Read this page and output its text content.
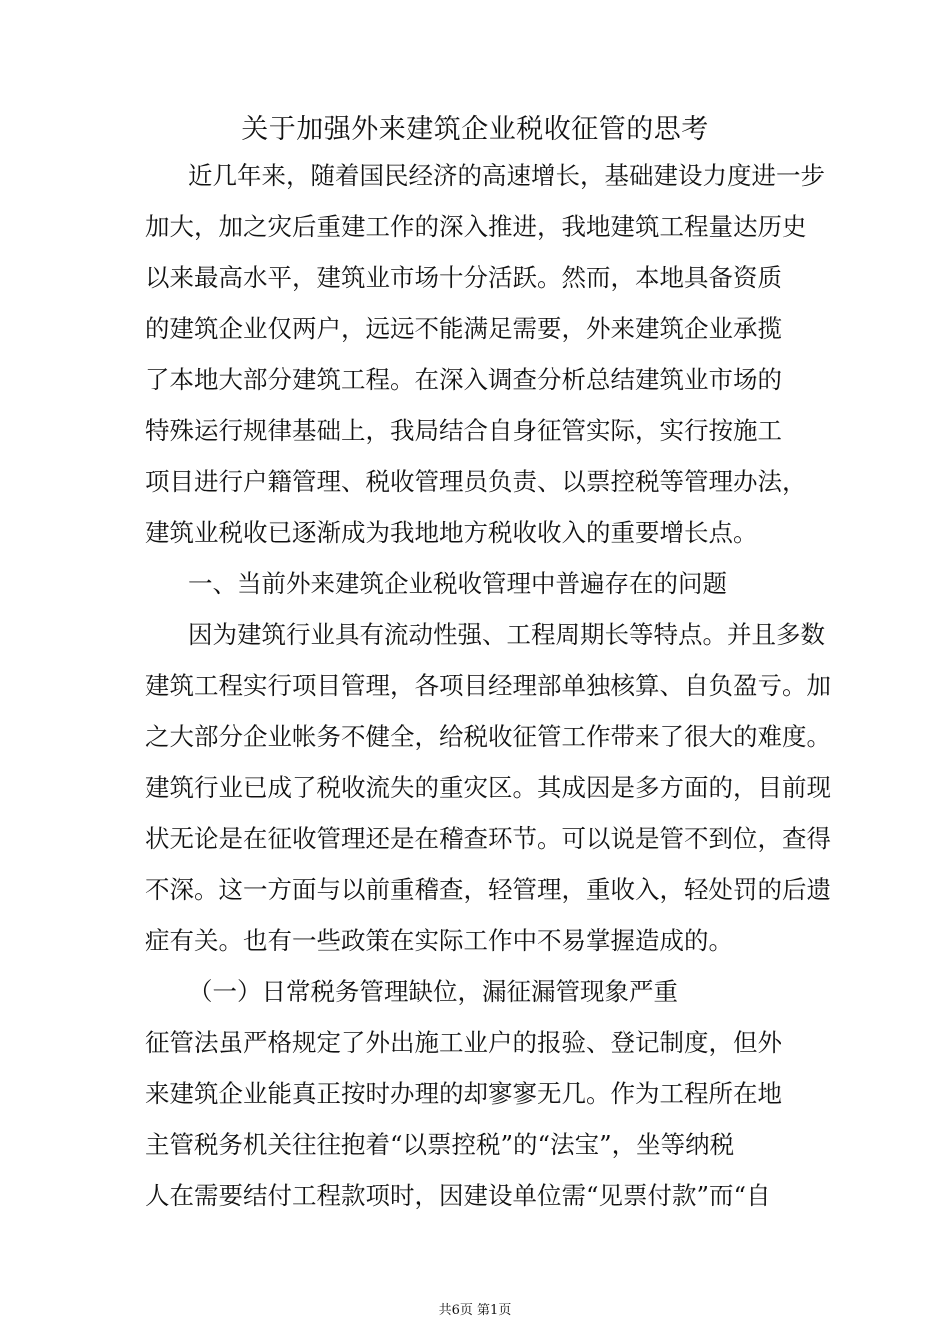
关于加强外来建筑企业税收征管的思考
近几年来，随着国民经济的高速增长，基础建设力度进一步
加大，加之灾后重建工作的深入推进，我地建筑工程量达历史
以来最高水平，建筑业市场十分活跃。然而，本地具备资质
的建筑企业仅两户，远远不能满足需要，外来建筑企业承揽
了本地大部分建筑工程。在深入调查分析总结建筑业市场的
特殊运行规律基础上，我局结合自身征管实际，实行按施工
项目进行户籍管理、税收管理员负责、以票控税等管理办法，
建筑业税收已逐渐成为我地地方税收收入的重要增长点。
一、当前外来建筑企业税收管理中普遍存在的问题
因为建筑行业具有流动性强、工程周期长等特点。并且多数
建筑工程实行项目管理，各项目经理部单独核算、自负盈亏。加
之大部分企业帐务不健全，给税收征管工作带来了很大的难度。
建筑行业已成了税收流失的重灾区。其成因是多方面的，目前现
状无论是在征收管理还是在稽查环节。可以说是管不到位，查得
不深。这一方面与以前重稽查，轻管理，重收入，轻处罚的后遗
症有关。也有一些政策在实际工作中不易掌握造成的。
（一）日常税务管理缺位，漏征漏管现象严重
征管法虽严格规定了外出施工业户的报验、登记制度，但外
来建筑企业能真正按时办理的却寥寥无几。作为工程所在地
主管税务机关往往抱着“以票控税”的“法宝”，坐等纳税
人在需要结付工程款项时，因建设单位需“见票付款”而“自
共6页 第1页
